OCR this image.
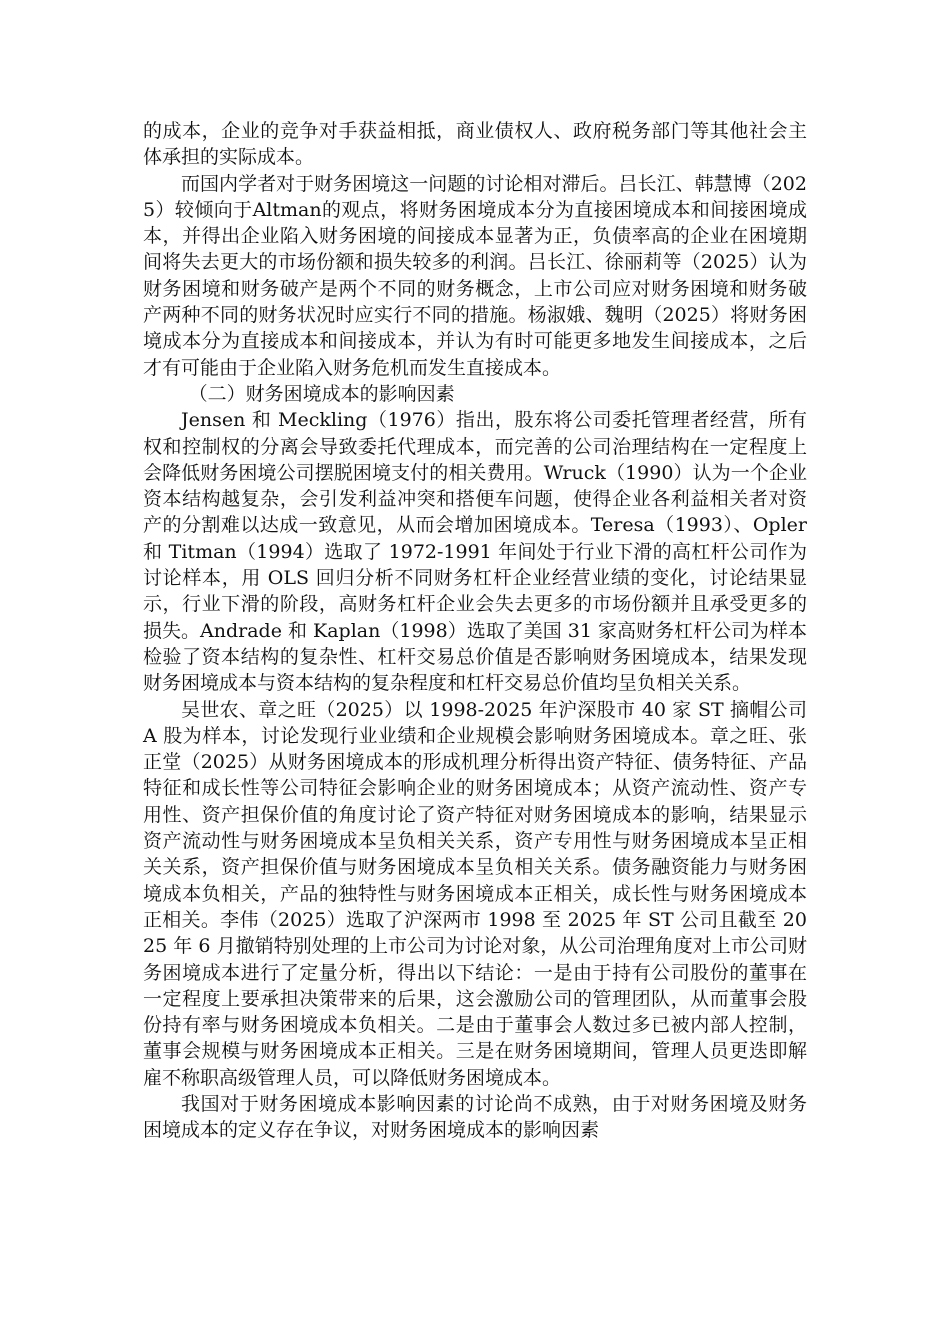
的成本，企业的竞争对手获益相抵，商业债权人、政府税务部门等其他社会主体承担的实际成本。

而国内学者对于财务困境这一问题的讨论相对滞后。吕长江、韩慧博（2025）较倾向于Altman的观点，将财务困境成本分为直接困境成本和间接困境成本，并得出企业陷入财务困境的间接成本显著为正，负债率高的企业在困境期间将失去更大的市场份额和损失较多的利润。吕长江、徐丽莉等（2025）认为财务困境和财务破产是两个不同的财务概念，上市公司应对财务困境和财务破产两种不同的财务状况时应实行不同的措施。杨淑娥、魏明（2025）将财务困境成本分为直接成本和间接成本，并认为有时可能更多地发生间接成本，之后才有可能由于企业陷入财务危机而发生直接成本。

（二）财务困境成本的影响因素

Jensen 和 Meckling（1976）指出，股东将公司委托管理者经营，所有权和控制权的分离会导致委托代理成本，而完善的公司治理结构在一定程度上会降低财务困境公司摆脱困境支付的相关费用。Wruck（1990）认为一个企业资本结构越复杂，会引发利益冲突和搭便车问题，使得企业各利益相关者对资产的分割难以达成一致意见，从而会增加困境成本。Teresa（1993）、Opler 和 Titman（1994）选取了 1972-1991 年间处于行业下滑的高杠杆公司作为讨论样本，用 OLS 回归分析不同财务杠杆企业经营业绩的变化，讨论结果显示，行业下滑的阶段，高财务杠杆企业会失去更多的市场份额并且承受更多的损失。Andrade 和 Kaplan（1998）选取了美国 31 家高财务杠杆公司为样本检验了资本结构的复杂性、杠杆交易总价值是否影响财务困境成本，结果发现财务困境成本与资本结构的复杂程度和杠杆交易总价值均呈负相关关系。

吴世农、章之旺（2025）以 1998-2025 年沪深股市 40 家 ST 摘帽公司 A 股为样本，讨论发现行业业绩和企业规模会影响财务困境成本。章之旺、张正堂（2025）从财务困境成本的形成机理分析得出资产特征、债务特征、产品特征和成长性等公司特征会影响企业的财务困境成本；从资产流动性、资产专用性、资产担保价值的角度讨论了资产特征对财务困境成本的影响，结果显示资产流动性与财务困境成本呈负相关关系，资产专用性与财务困境成本呈正相关关系，资产担保价值与财务困境成本呈负相关关系。债务融资能力与财务困境成本负相关，产品的独特性与财务困境成本正相关，成长性与财务困境成本正相关。李伟（2025）选取了沪深两市 1998 至 2025 年 ST 公司且截至 2025 年 6 月撤销特别处理的上市公司为讨论对象，从公司治理角度对上市公司财务困境成本进行了定量分析，得出以下结论：一是由于持有公司股份的董事在一定程度上要承担决策带来的后果，这会激励公司的管理团队，从而董事会股份持有率与财务困境成本负相关。二是由于董事会人数过多已被内部人控制，董事会规模与财务困境成本正相关。三是在财务困境期间，管理人员更迭即解雇不称职高级管理人员，可以降低财务困境成本。

我国对于财务困境成本影响因素的讨论尚不成熟，由于对财务困境及财务困境成本的定义存在争议，对财务困境成本的影响因素
